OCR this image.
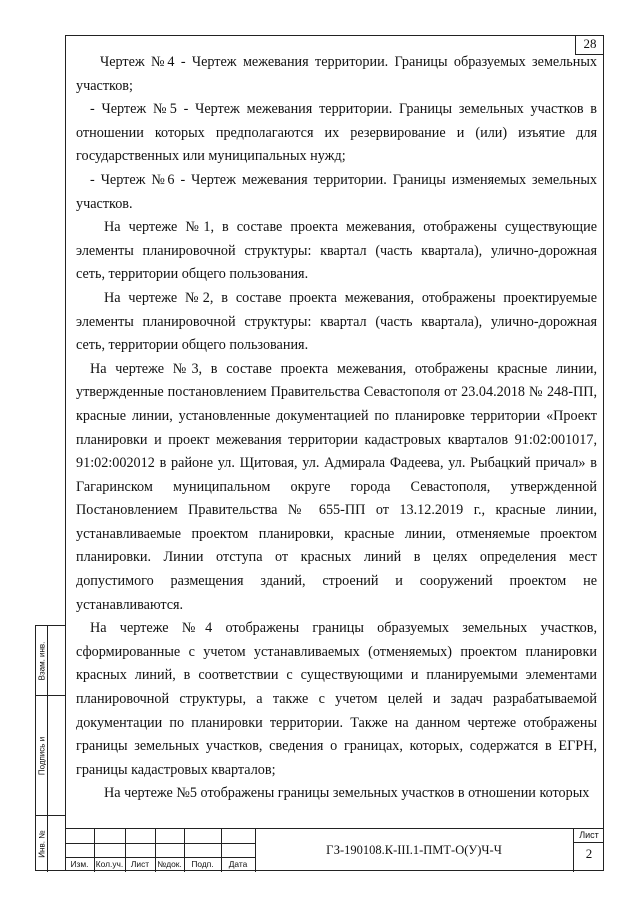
28

Чертеж №4 - Чертеж межевания территории. Границы образуемых земельных участков;

- Чертеж №5 - Чертеж межевания территории. Границы земельных участков в отношении которых предполагаются их резервирование и (или) изъятие для государственных или муниципальных нужд;

- Чертеж №6 - Чертеж межевания территории. Границы изменяемых земельных участков.

На чертеже №1, в составе проекта межевания, отображены существующие элементы планировочной структуры: квартал (часть квартала), улично-дорожная сеть, территории общего пользования.

На чертеже №2, в составе проекта межевания, отображены проектируемые элементы планировочной структуры: квартал (часть квартала), улично-дорожная сеть, территории общего пользования.

На чертеже №3, в составе проекта межевания, отображены красные линии, утвержденные постановлением Правительства Севастополя от 23.04.2018 № 248-ПП, красные линии, установленные документацией по планировке территории «Проект планировки и проект межевания территории кадастровых кварталов 91:02:001017, 91:02:002012 в районе ул. Щитовая, ул. Адмирала Фадеева, ул. Рыбацкий причал» в Гагаринском муниципальном округе города Севастополя, утвержденной Постановлением Правительства № 655-ПП от 13.12.2019 г., красные линии, устанавливаемые проектом планировки, красные линии, отменяемые проектом планировки. Линии отступа от красных линий в целях определения мест допустимого размещения зданий, строений и сооружений проектом не устанавливаются.

На чертеже №4 отображены границы образуемых земельных участков, сформированные с учетом устанавливаемых (отменяемых) проектом планировки красных линий, в соответствии с существующими и планируемыми элементами планировочной структуры, а также с учетом целей и задач разрабатываемой документации по планировки территории. Также на данном чертеже отображены границы земельных участков, сведения о границах, которых, содержатся в ЕГРН, границы кадастровых кварталов;

На чертеже №5 отображены границы земельных участков в отношении которых

Взам. инв.
Подпись и
Инв. №
Изм. Кол.уч. Лист №док.	Подп.	Дата
ГЗ-190108.К-III.1-ПМТ-О(У)Ч-Ч
Лист
2
